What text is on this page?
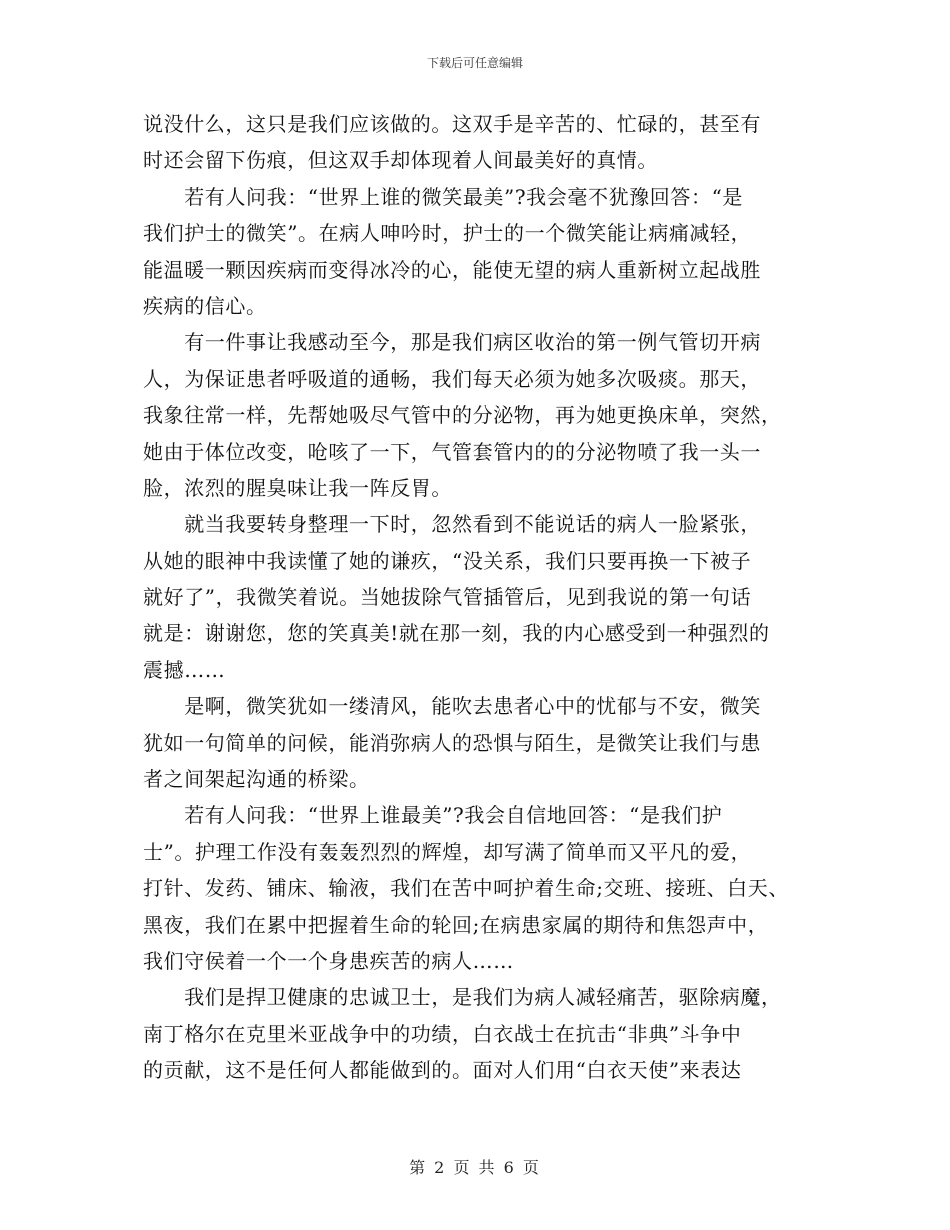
下载后可任意编辑
说没什么，这只是我们应该做的。这双手是辛苦的、忙碌的，甚至有
时还会留下伤痕，但这双手却体现着人间最美好的真情。
　　若有人问我：“世界上谁的微笑最美”?我会毫不犹豫回答：“是
我们护士的微笑”。在病人呻吟时，护士的一个微笑能让病痛减轻，
能温暖一颗因疾病而变得冰冷的心，能使无望的病人重新树立起战胜
疾病的信心。
　　有一件事让我感动至今，那是我们病区收治的第一例气管切开病
人，为保证患者呼吸道的通畅，我们每天必须为她多次吸痰。那天，
我象往常一样，先帮她吸尽气管中的分泌物，再为她更换床单，突然，
她由于体位改变，呛咳了一下，气管套管内的的分泌物喷了我一头一
脸，浓烈的腥臭味让我一阵反胃。
　　就当我要转身整理一下时，忽然看到不能说话的病人一脸紧张，
从她的眼神中我读懂了她的谦疚，“没关系，我们只要再换一下被子
就好了”，我微笑着说。当她拔除气管插管后，见到我说的第一句话
就是：谢谢您，您的笑真美!就在那一刻，我的内心感受到一种强烈的
震撼……
　　是啊，微笑犹如一缕清风，能吹去患者心中的忧郁与不安，微笑
犹如一句简单的问候，能消弥病人的恐惧与陌生，是微笑让我们与患
者之间架起沟通的桥梁。
　　若有人问我：“世界上谁最美”?我会自信地回答：“是我们护
士”。护理工作没有轰轰烈烈的辉煌，却写满了简单而又平凡的爱，
打针、发药、铺床、输液，我们在苦中呵护着生命;交班、接班、白天、
黑夜，我们在累中把握着生命的轮回;在病患家属的期待和焦怨声中，
我们守侯着一个一个身患疾苦的病人……
　　我们是捍卫健康的忠诚卫士，是我们为病人减轻痛苦，驱除病魔，
南丁格尔在克里米亚战争中的功绩，白衣战士在抗击“非典”斗争中
的贡献，这不是任何人都能做到的。面对人们用“白衣天使”来表达
第 2 页 共 6 页
